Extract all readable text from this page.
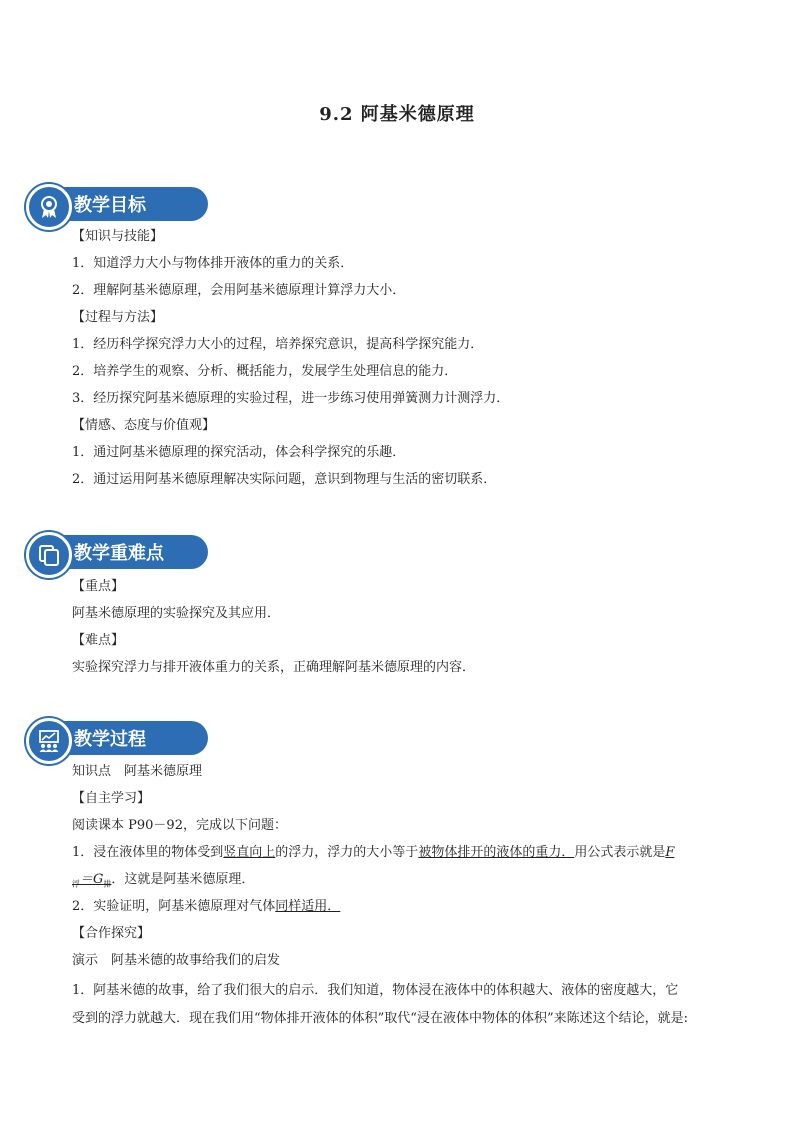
9.2 阿基米德原理
教学目标
【知识与技能】
1．知道浮力大小与物体排开液体的重力的关系．
2．理解阿基米德原理，会用阿基米德原理计算浮力大小．
【过程与方法】
1．经历科学探究浮力大小的过程，培养探究意识，提高科学探究能力．
2．培养学生的观察、分析、概括能力，发展学生处理信息的能力．
3．经历探究阿基米德原理的实验过程，进一步练习使用弹簧测力计测浮力．
【情感、态度与价值观】
1．通过阿基米德原理的探究活动，体会科学探究的乐趣．
2．通过运用阿基米德原理解决实际问题，意识到物理与生活的密切联系．
教学重难点
【重点】
阿基米德原理的实验探究及其应用．
【难点】
实验探究浮力与排开液体重力的关系，正确理解阿基米德原理的内容．
教学过程
知识点　阿基米德原理
【自主学习】
阅读课本 P90－92，完成以下问题：
1．浸在液体里的物体受到竖直向上的浮力，浮力的大小等于被物体排开的液体的重力．用公式表示就是F
$_浮=G_排$．这就是阿基米德原理．
2．实验证明，阿基米德原理对气体同样适用．
【合作探究】
演示　阿基米德的故事给我们的启发
1．阿基米德的故事，给了我们很大的启示．我们知道，物体浸在液体中的体积越大、液体的密度越大，它
受到的浮力就越大．现在我们用“物体排开液体的体积”取代“浸在液体中物体的体积”来陈述这个结论，就是:
